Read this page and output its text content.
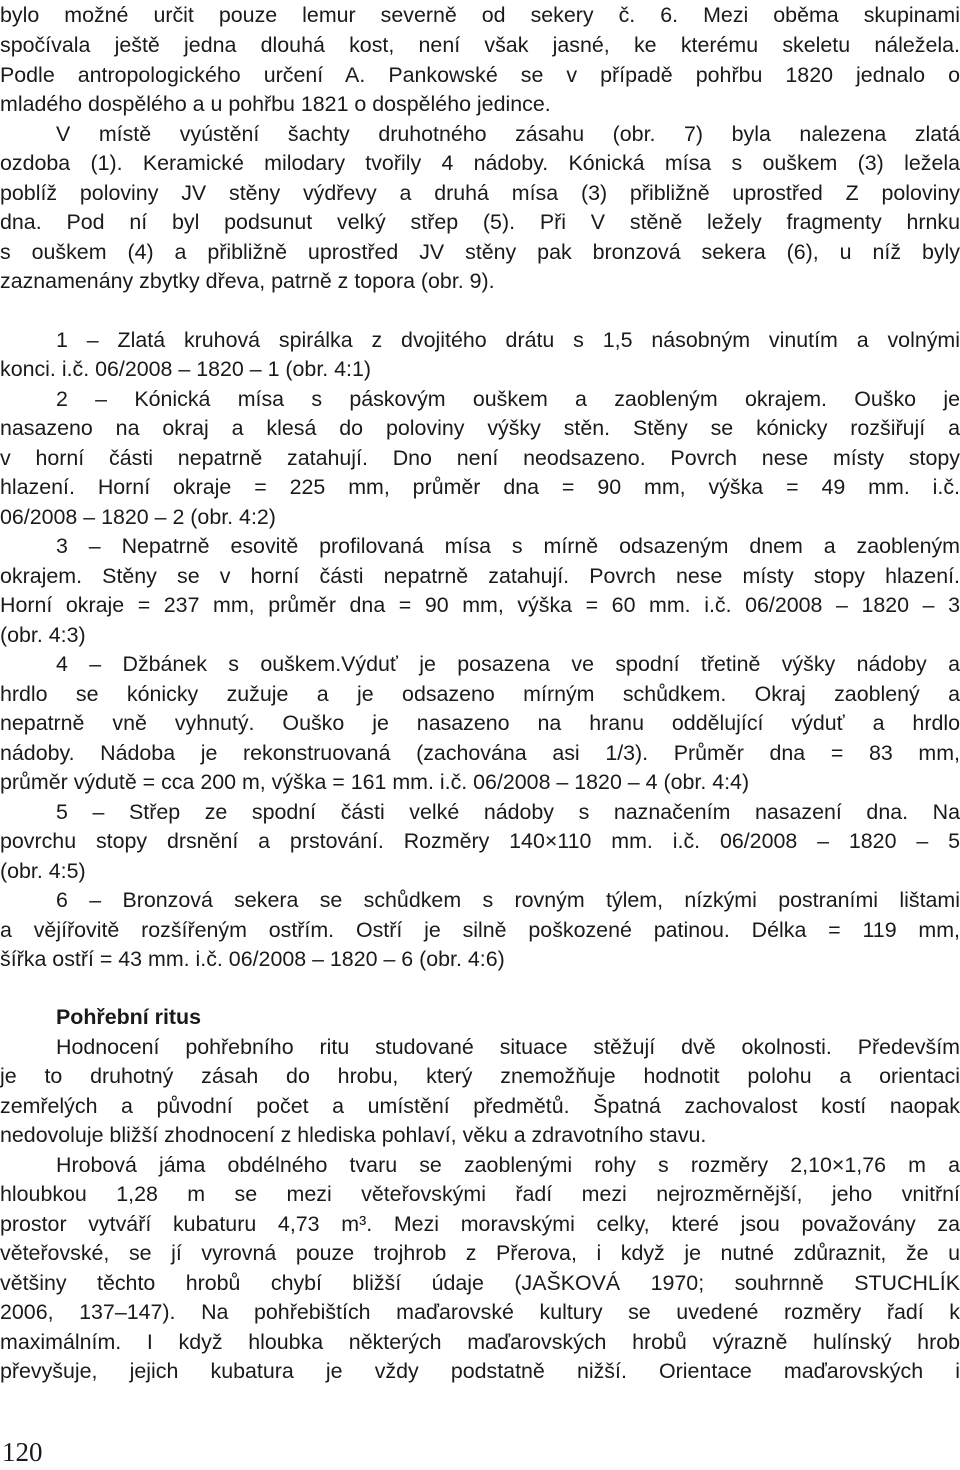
bylo možné určit pouze lemur severně od sekery č. 6. Mezi oběma skupinami
spočívala ještě jedna dlouhá kost, není však jasné, ke kterému skeletu náležela.
Podle antropologického určení A. Pankowské se v případě pohřbu 1820 jednalo o
mladého dospělého a u pohřbu 1821 o dospělého jedince.
V místě vyústění šachty druhotného zásahu (obr. 7) byla nalezena zlatá
ozdoba (1). Keramické milodary tvořily 4 nádoby. Kónická mísa s ouškem (3) ležela
poblíž poloviny JV stěny výdřevy a druhá mísa (3) přibližně uprostřed Z poloviny
dna. Pod ní byl podsunut velký střep (5). Při V stěně ležely fragmenty hrnku
s ouškem (4) a přibližně uprostřed JV stěny pak bronzová sekera (6), u níž byly
zaznamenány zbytky dřeva, patrně z topora (obr. 9).
1 – Zlatá kruhová spirálka z dvojitého drátu s 1,5 násobným vinutím a volnými
konci. i.č. 06/2008 – 1820 – 1 (obr. 4:1)
2 – Kónická mísa s páskovým ouškem a zaobleným okrajem. Ouško je
nasazeno na okraj a klesá do poloviny výšky stěn. Stěny se kónicky rozšiřují a
v horní části nepatrně zatahují. Dno není neodsazeno. Povrch nese místy stopy
hlazení. Horní okraje = 225 mm, průměr dna = 90 mm, výška = 49 mm. i.č.
06/2008 – 1820 – 2 (obr. 4:2)
3 – Nepatrně esovitě profilovaná mísa s mírně odsazeným dnem a zaobleným
okrajem. Stěny se v horní části nepatrně zatahují. Povrch nese místy stopy hlazení.
Horní okraje = 237 mm, průměr dna = 90 mm, výška = 60 mm. i.č. 06/2008 – 1820 – 3
(obr. 4:3)
4 – Džbánek s ouškem.Výduť je posazena ve spodní třetině výšky nádoby a
hrdlo se kónicky zužuje a je odsazeno mírným schůdkem. Okraj zaoblený a
nepatrně vně vyhnutý. Ouško je nasazeno na hranu oddělující výduť a hrdlo
nádoby. Nádoba je rekonstruovaná (zachována asi 1/3). Průměr dna = 83 mm,
průměr výdutě = cca 200 m, výška = 161 mm. i.č. 06/2008 – 1820 – 4 (obr. 4:4)
5 – Střep ze spodní části velké nádoby s naznačením nasazení dna. Na
povrchu stopy drsnění a prstování. Rozměry 140×110 mm. i.č. 06/2008 – 1820 – 5
(obr. 4:5)
6 – Bronzová sekera se schůdkem s rovným týlem, nízkými postraními lištami
a vějířovitě rozšířeným ostřím. Ostří je silně poškozené patinou. Délka = 119 mm,
šířka ostří = 43 mm. i.č. 06/2008 – 1820 – 6 (obr. 4:6)
Pohřební ritus
Hodnocení pohřebního ritu studované situace stěžují dvě okolnosti. Především
je to druhotný zásah do hrobu, který znemožňuje hodnotit polohu a orientaci
zemřelých a původní počet a umístění předmětů. Špatná zachovalost kostí naopak
nedovoluje bližší zhodnocení z hlediska pohlaví, věku a zdravotního stavu.
Hrobová jáma obdélného tvaru se zaoblenými rohy s rozměry 2,10×1,76 m a
hloubkou 1,28 m se mezi věteřovskými řadí mezi nejrozměrnější, jeho vnitřní
prostor vytváří kubaturu 4,73 m³. Mezi moravskými celky, které jsou považovány za
věteřovské, se jí vyrovná pouze trojhrob z Přerova, i když je nutné zdůraznit, že u
většiny těchto hrobů chybí bližší údaje (JAŠKOVÁ 1970; souhrnně STUCHLÍK
2006, 137–147). Na pohřebištích maďarovské kultury se uvedené rozměry řadí k
maximálním. I když hloubka některých maďarovských hrobů výrazně hulínský hrob
převyšuje, jejich kubatura je vždy podstatně nižší. Orientace maďarovských i
120
